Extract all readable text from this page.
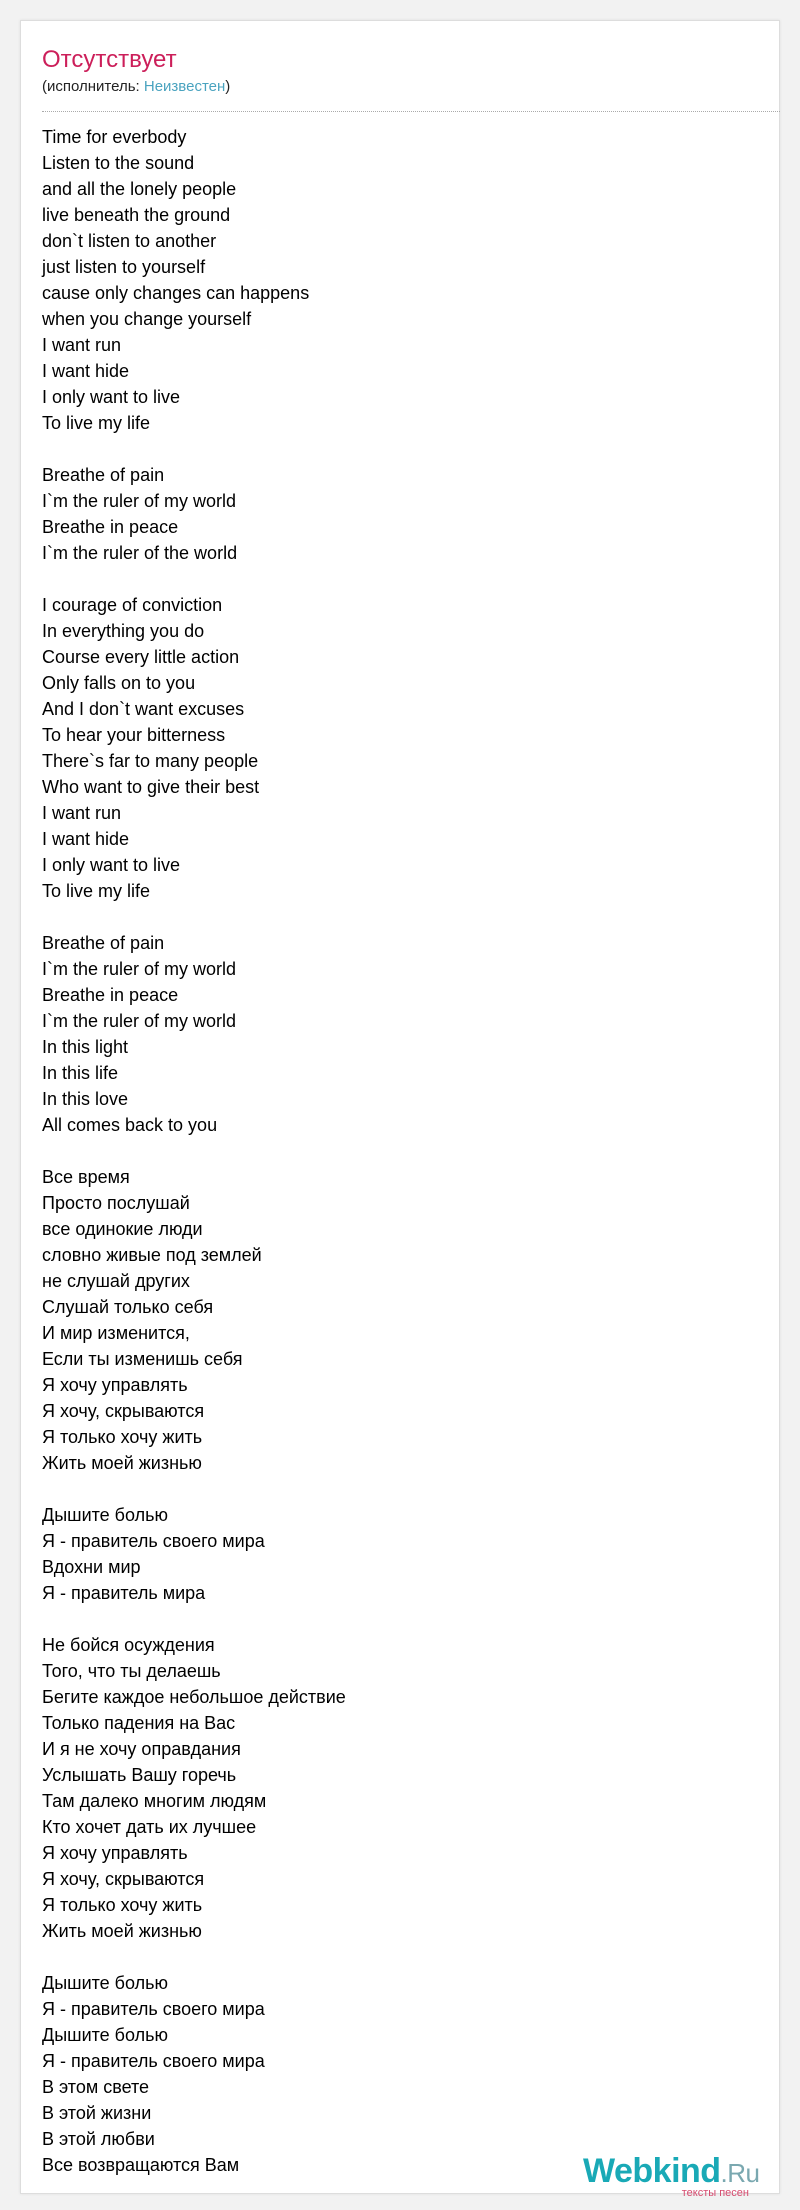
Отсутствует
(исполнитель: Неизвестен)
Time for everbody
Listen to the sound
and all the lonely people
live beneath the ground
don`t listen to another
just listen to yourself
cause only changes can happens
when you change yourself
I want run
I want hide
I only want to live
To live my life
Breathe of pain
I`m the ruler of my world
Breathe in peace
I`m the ruler of the world
I courage of conviction
In everything you do
Course every little action
Only falls on to you
And I don`t want excuses
To hear your bitterness
There`s far to many people
Who want to give their best
I want run
I want hide
I only want to live
To live my life
Breathe of pain
I`m the ruler of my world
Breathe in peace
I`m the ruler of my world
In this light
In this life
In this love
All comes back to you
Все время
Просто послушай
все одинокие люди
словно живые под землей
не слушай других
Слушай только себя
И мир изменится,
Если ты изменишь себя
Я хочу управлять
Я хочу, скрываются
Я только хочу жить
Жить моей жизнью
Дышите болью
Я - правитель своего мира
Вдохни мир
Я - правитель мира
Не бойся осуждения
Того, что ты делаешь
Бегите каждое небольшое действие
Только падения на Вас
И я не хочу оправдания
Услышать Вашу горечь
Там далеко многим людям
Кто хочет дать их лучшее
Я хочу управлять
Я хочу, скрываются
Я только хочу жить
Жить моей жизнью
Дышите болью
Я - правитель своего мира
Дышите болью
Я - правитель своего мира
В этом свете
В этой жизни
В этой любви
Все возвращаются Вам	Webkind.Ru
тексты песен
